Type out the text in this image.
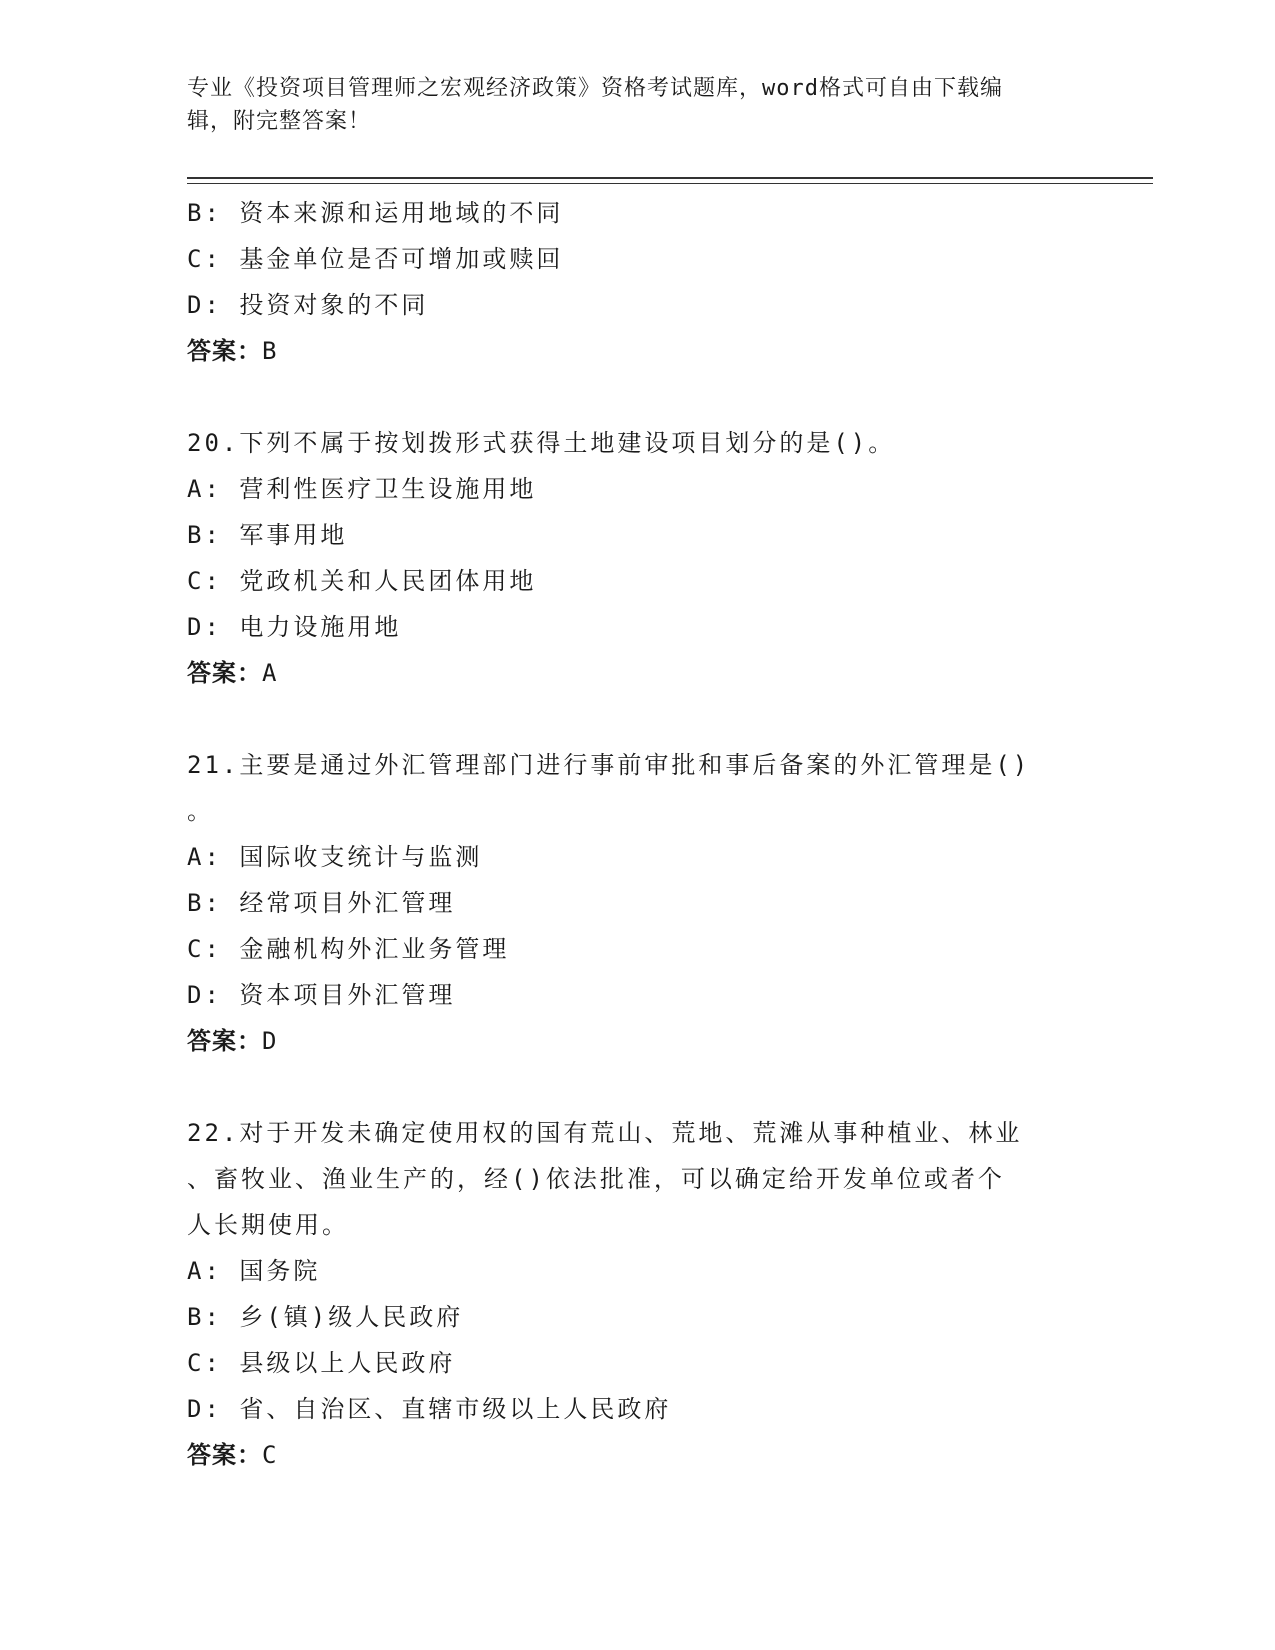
专业《投资项目管理师之宏观经济政策》资格考试题库，word格式可自由下载编
辑，附完整答案！
B: 资本来源和运用地域的不同
C: 基金单位是否可增加或赎回
D: 投资对象的不同
答案：B
20.下列不属于按划拨形式获得土地建设项目划分的是()。
A: 营利性医疗卫生设施用地
B: 军事用地
C: 党政机关和人民团体用地
D: 电力设施用地
答案：A
21.主要是通过外汇管理部门进行事前审批和事后备案的外汇管理是()
。
A: 国际收支统计与监测
B: 经常项目外汇管理
C: 金融机构外汇业务管理
D: 资本项目外汇管理
答案：D
22.对于开发未确定使用权的国有荒山、荒地、荒滩从事种植业、林业
、畜牧业、渔业生产的，经()依法批准，可以确定给开发单位或者个
人长期使用。
A: 国务院
B: 乡(镇)级人民政府
C: 县级以上人民政府
D: 省、自治区、直辖市级以上人民政府
答案：C
